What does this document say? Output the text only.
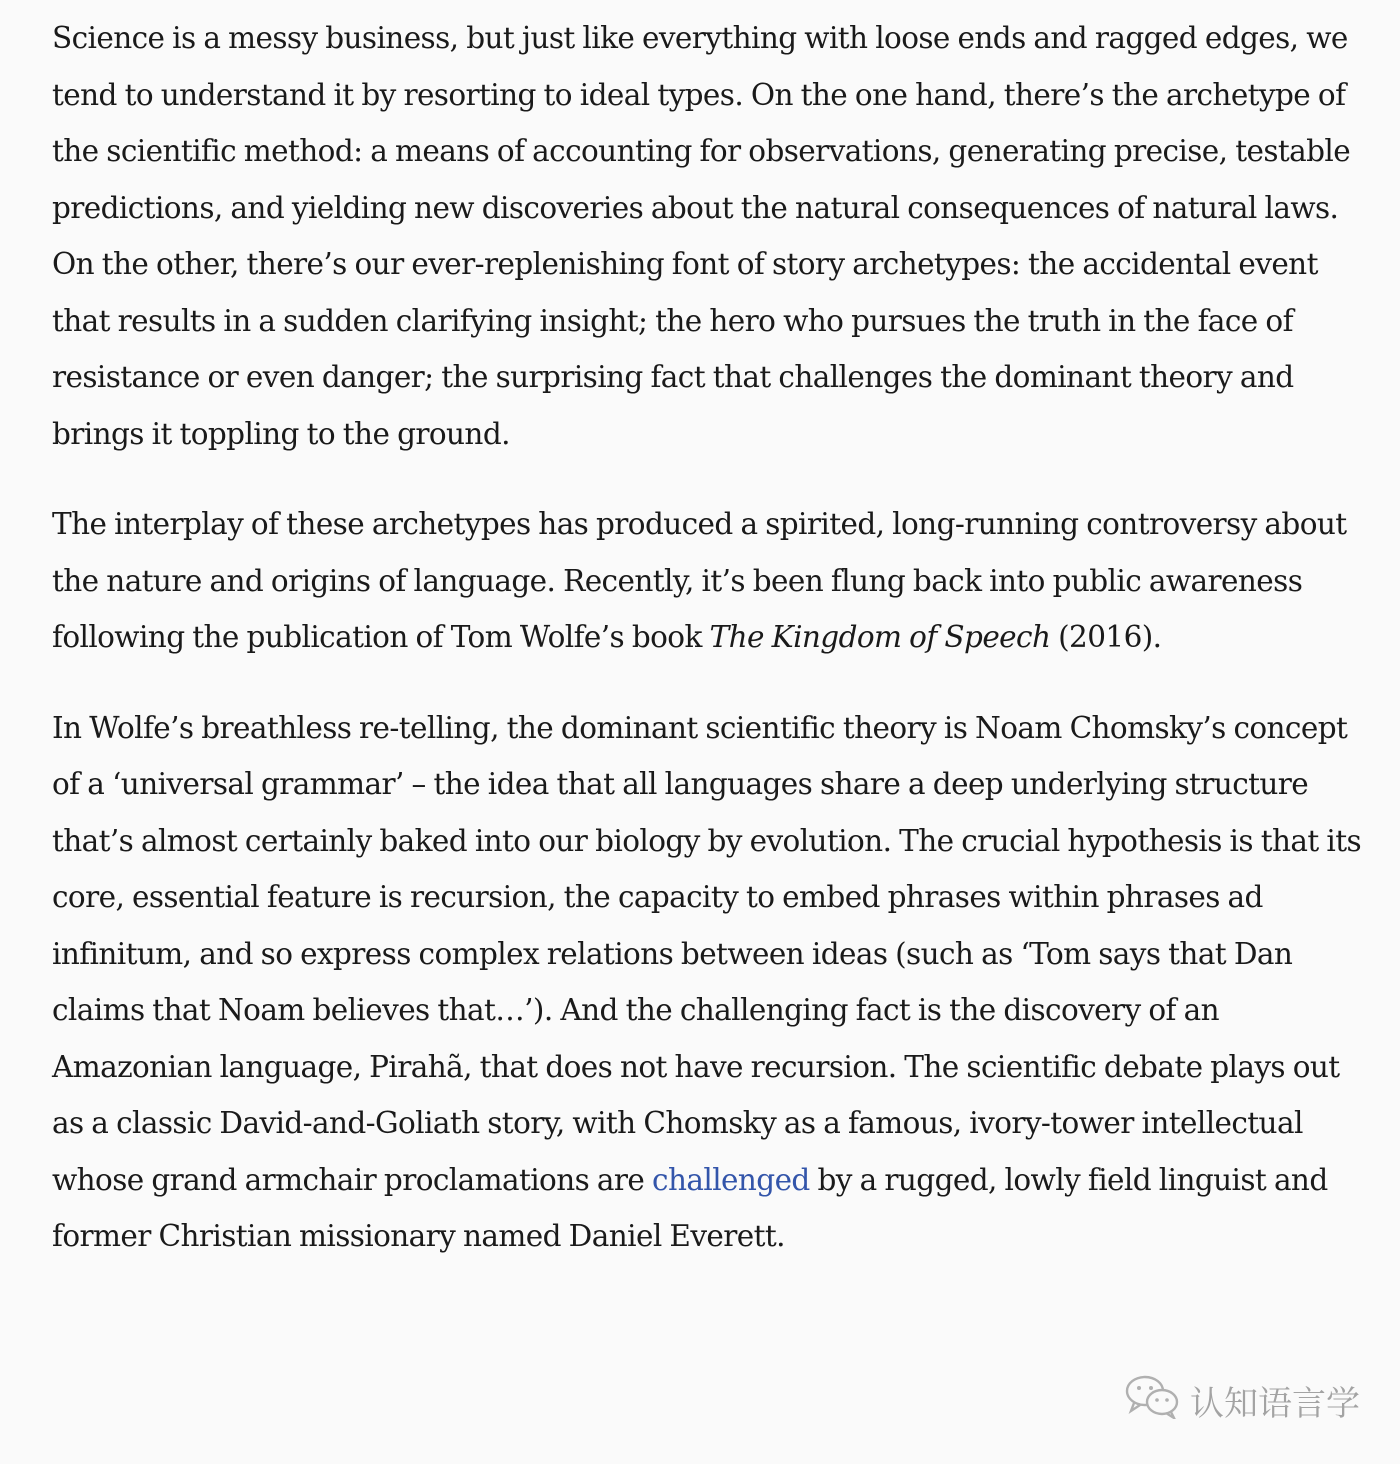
Science is a messy business, but just like everything with loose ends and ragged edges, we tend to understand it by resorting to ideal types. On the one hand, there’s the archetype of the scientific method: a means of accounting for observations, generating precise, testable predictions, and yielding new discoveries about the natural consequences of natural laws. On the other, there’s our ever-replenishing font of story archetypes: the accidental event that results in a sudden clarifying insight; the hero who pursues the truth in the face of resistance or even danger; the surprising fact that challenges the dominant theory and brings it toppling to the ground.

The interplay of these archetypes has produced a spirited, long-running controversy about the nature and origins of language. Recently, it’s been flung back into public awareness following the publication of Tom Wolfe’s book The Kingdom of Speech (2016).

In Wolfe’s breathless re-telling, the dominant scientific theory is Noam Chomsky’s concept of a ‘universal grammar’ – the idea that all languages share a deep underlying structure that’s almost certainly baked into our biology by evolution. The crucial hypothesis is that its core, essential feature is recursion, the capacity to embed phrases within phrases ad infinitum, and so express complex relations between ideas (such as ‘Tom says that Dan claims that Noam believes that…’). And the challenging fact is the discovery of an Amazonian language, Pirahã, that does not have recursion. The scientific debate plays out as a classic David-and-Goliath story, with Chomsky as a famous, ivory-tower intellectual whose grand armchair proclamations are challenged by a rugged, lowly field linguist and former Christian missionary named Daniel Everett.

认知语言学
